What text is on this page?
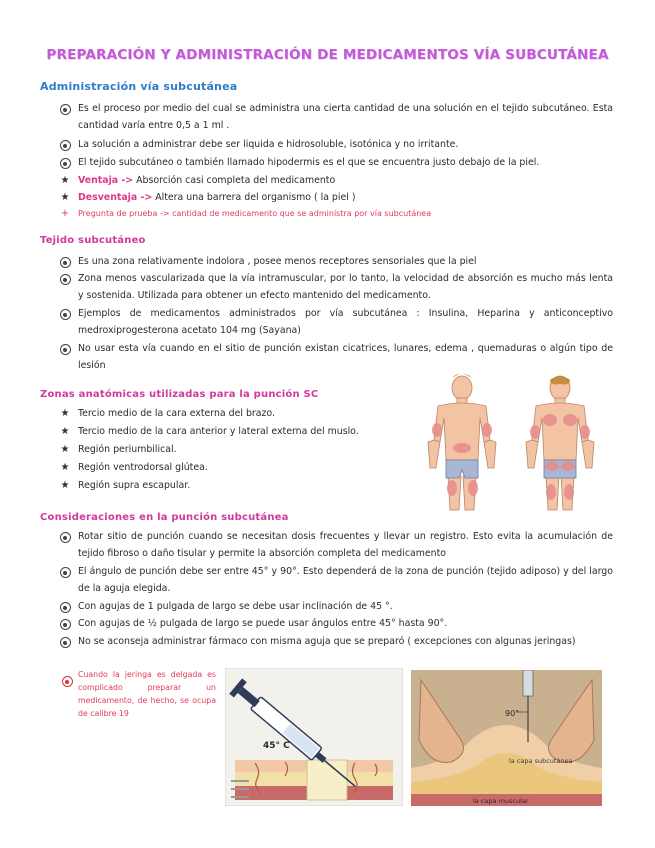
PREPARACIÓN Y ADMINISTRACIÓN DE MEDICAMENTOS VÍA SUBCUTÁNEA
Administración vía subcutánea
Es el proceso por medio del cual se administra una cierta cantidad de una solución en el tejido subcutáneo. Esta cantidad varía entre 0,5 a 1 ml .
La solución a administrar debe ser liquida e hidrosoluble, isotónica y no irritante.
El tejido subcutáneo o también llamado hipodermis es el que se encuentra justo debajo de la piel.
★ Ventaja -> Absorción casi completa del medicamento
★ Desventaja -> Altera una barrera del organismo ( la piel )
+	Pregunta de prueba -> cantidad de medicamento que se administra por vía subcutánea
Tejido subcutáneo
Es una zona relativamente indolora , posee menos receptores sensoriales que la piel
Zona menos vascularizada que la vía intramuscular, por lo tanto, la velocidad de absorción es mucho más lenta y sostenida. Utilizada para obtener un efecto mantenido del medicamento.
Ejemplos de medicamentos administrados por vía subcutánea : Insulina, Heparina y anticonceptivo medroxiprogesterona acetato 104 mg (Sayana)
No usar esta vía cuando en el sitio de punción existan cicatrices, lunares, edema , quemaduras o algún tipo de lesión
Zonas anatómicas utilizadas para la punción SC
★ Tercio medio de la cara externa del brazo.
★ Tercio medio de la cara anterior y lateral externa del muslo.
★ Región periumbilical.
★ Región ventrodorsal glútea.
★ Región supra escapular.
Consideraciones en la punción subcutánea
Rotar sitio de punción cuando se necesitan dosis frecuentes y llevar un registro. Esto evita la acumulación de tejido fibroso o daño tisular y permite la absorción completa del medicamento
El ángulo de punción debe ser entre 45° y 90°. Esto dependerá de la zona de punción (tejido adiposo) y del largo de la aguja elegida.
Con agujas de 1 pulgada de largo se debe usar inclinación de 45 °.
Con agujas de ½ pulgada de largo se puede usar ángulos entre 45° hasta 90°.
No se aconseja administrar fármaco con misma aguja que se preparó ( excepciones con algunas jeringas)
Cuando la jeringa es delgada es complicado preparar un medicamento, de hecho, se ocupa de calibre 19
45° C
90°
la capa subcutánea
la capa muscular
